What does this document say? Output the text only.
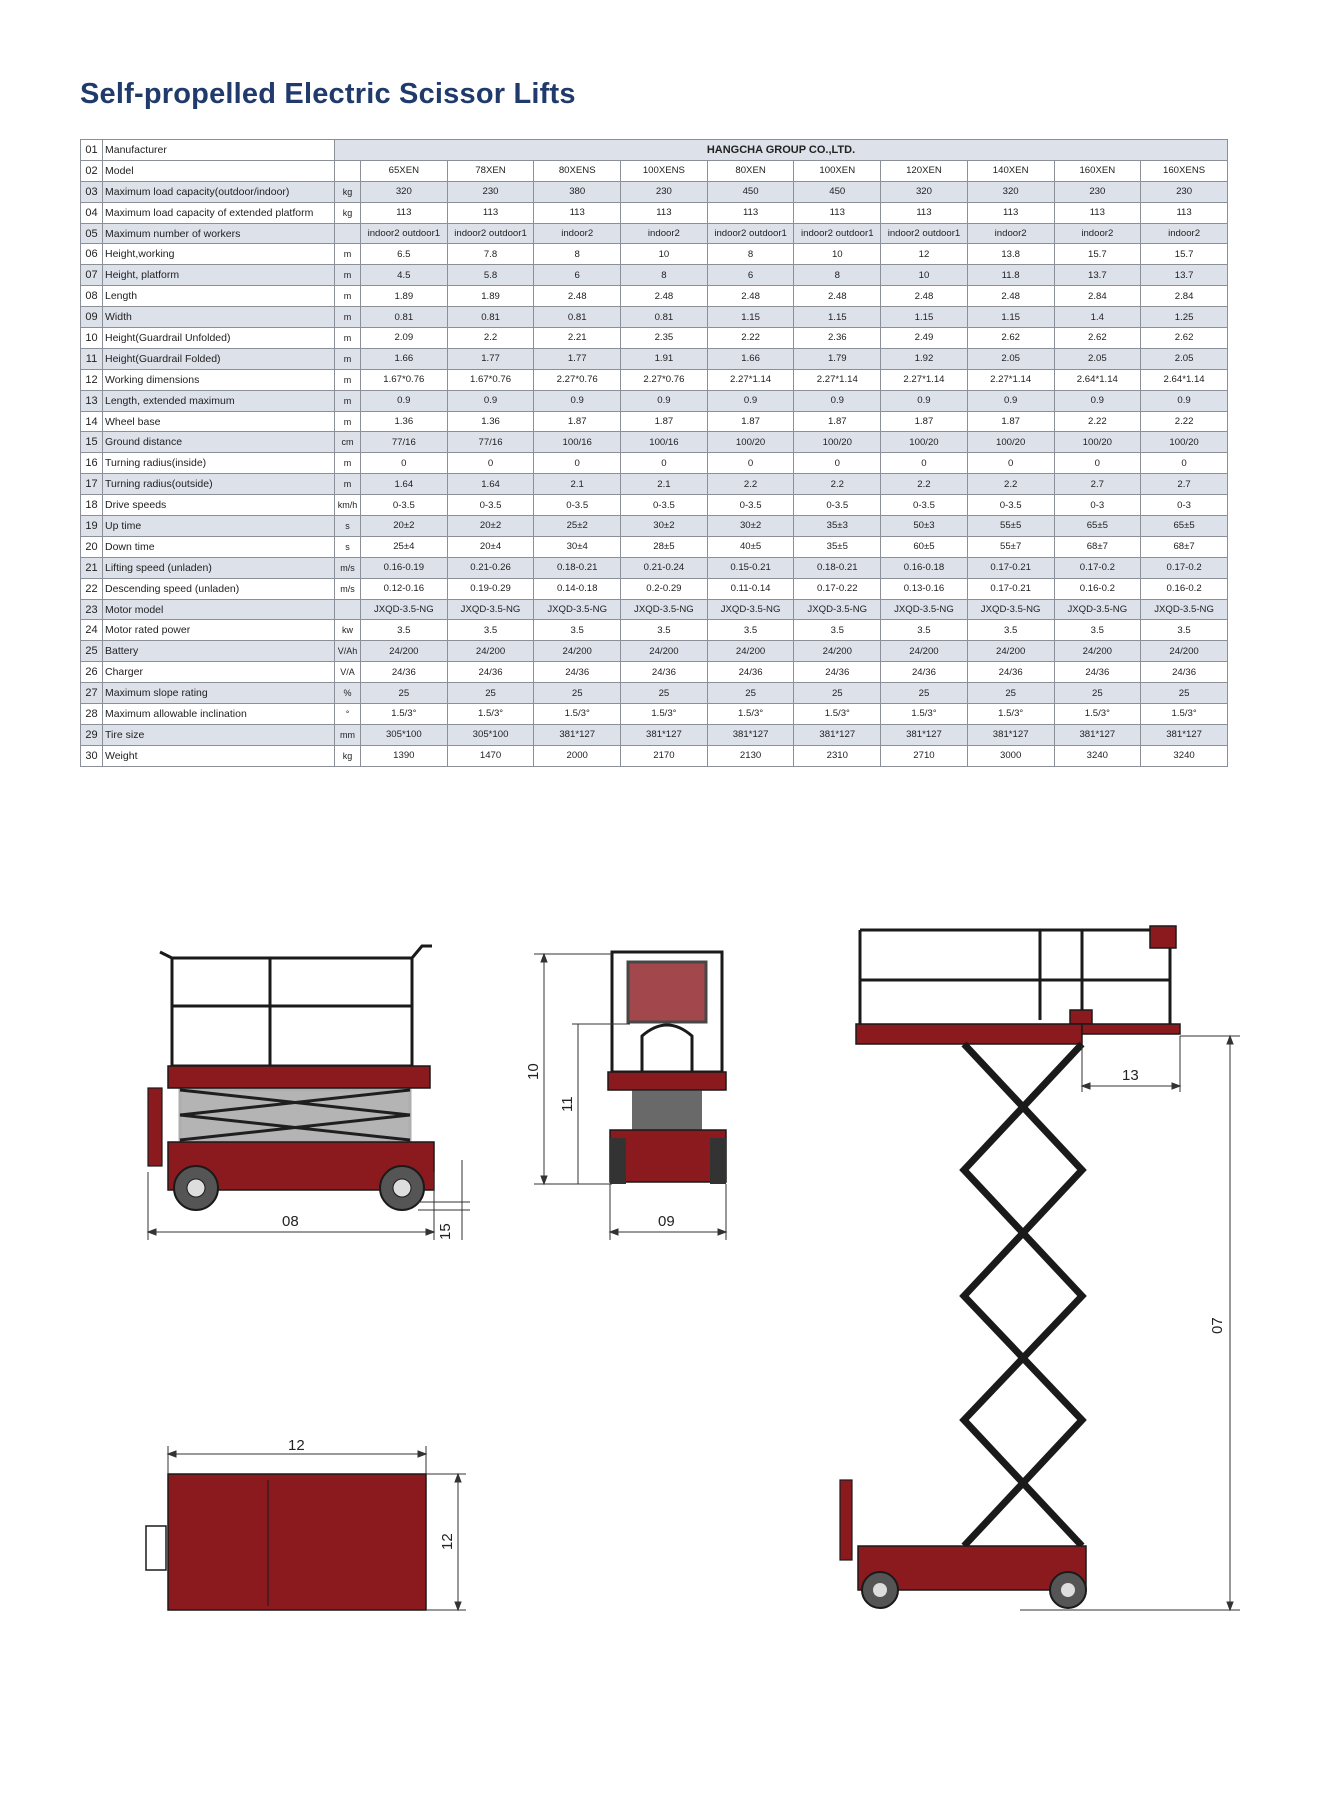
Self-propelled Electric Scissor Lifts
01	Manufacturer	HANGCHA GROUP CO.,LTD.										
02	Model		65XEN	78XEN	80XENS	100XENS	80XEN	100XEN	120XEN	140XEN	160XEN	160XENS
03	Maximum load capacity(outdoor/indoor)	kg	320	230	380	230	450	450	320	320	230	230
04	Maximum load capacity of extended platform	kg	113	113	113	113	113	113	113	113	113	113
05	Maximum number of workers		indoor2 outdoor1	indoor2 outdoor1	indoor2	indoor2	indoor2 outdoor1	indoor2 outdoor1	indoor2 outdoor1	indoor2	indoor2	indoor2
06	Height,working	m	6.5	7.8	8	10	8	10	12	13.8	15.7	15.7
07	Height, platform	m	4.5	5.8	6	8	6	8	10	11.8	13.7	13.7
08	Length	m	1.89	1.89	2.48	2.48	2.48	2.48	2.48	2.48	2.84	2.84
09	Width	m	0.81	0.81	0.81	0.81	1.15	1.15	1.15	1.15	1.4	1.25
10	Height(Guardrail Unfolded)	m	2.09	2.2	2.21	2.35	2.22	2.36	2.49	2.62	2.62	2.62
11	Height(Guardrail Folded)	m	1.66	1.77	1.77	1.91	1.66	1.79	1.92	2.05	2.05	2.05
12	Working dimensions	m	1.67*0.76	1.67*0.76	2.27*0.76	2.27*0.76	2.27*1.14	2.27*1.14	2.27*1.14	2.27*1.14	2.64*1.14	2.64*1.14
13	Length, extended maximum	m	0.9	0.9	0.9	0.9	0.9	0.9	0.9	0.9	0.9	0.9
14	Wheel base	m	1.36	1.36	1.87	1.87	1.87	1.87	1.87	1.87	2.22	2.22
15	Ground distance	cm	77/16	77/16	100/16	100/16	100/20	100/20	100/20	100/20	100/20	100/20
16	Turning radius(inside)	m	0	0	0	0	0	0	0	0	0	0
17	Turning radius(outside)	m	1.64	1.64	2.1	2.1	2.2	2.2	2.2	2.2	2.7	2.7
18	Drive speeds	km/h	0-3.5	0-3.5	0-3.5	0-3.5	0-3.5	0-3.5	0-3.5	0-3.5	0-3	0-3
19	Up time	s	20±2	20±2	25±2	30±2	30±2	35±3	50±3	55±5	65±5	65±5
20	Down time	s	25±4	20±4	30±4	28±5	40±5	35±5	60±5	55±7	68±7	68±7
21	Lifting speed (unladen)	m/s	0.16-0.19	0.21-0.26	0.18-0.21	0.21-0.24	0.15-0.21	0.18-0.21	0.16-0.18	0.17-0.21	0.17-0.2	0.17-0.2
22	Descending speed (unladen)	m/s	0.12-0.16	0.19-0.29	0.14-0.18	0.2-0.29	0.11-0.14	0.17-0.22	0.13-0.16	0.17-0.21	0.16-0.2	0.16-0.2
23	Motor model		JXQD-3.5-NG	JXQD-3.5-NG	JXQD-3.5-NG	JXQD-3.5-NG	JXQD-3.5-NG	JXQD-3.5-NG	JXQD-3.5-NG	JXQD-3.5-NG	JXQD-3.5-NG	JXQD-3.5-NG
24	Motor rated power	kw	3.5	3.5	3.5	3.5	3.5	3.5	3.5	3.5	3.5	3.5
25	Battery	V/Ah	24/200	24/200	24/200	24/200	24/200	24/200	24/200	24/200	24/200	24/200
26	Charger	V/A	24/36	24/36	24/36	24/36	24/36	24/36	24/36	24/36	24/36	24/36
27	Maximum slope rating	%	25	25	25	25	25	25	25	25	25	25
28	Maximum allowable inclination	°	1.5/3°	1.5/3°	1.5/3°	1.5/3°	1.5/3°	1.5/3°	1.5/3°	1.5/3°	1.5/3°	1.5/3°
29	Tire size	mm	305*100	305*100	381*127	381*127	381*127	381*127	381*127	381*127	381*127	381*127
30	Weight	kg	1390	1470	2000	2170	2130	2310	2710	3000	3240	3240
08
15
10
11
09
13
07
12
12
